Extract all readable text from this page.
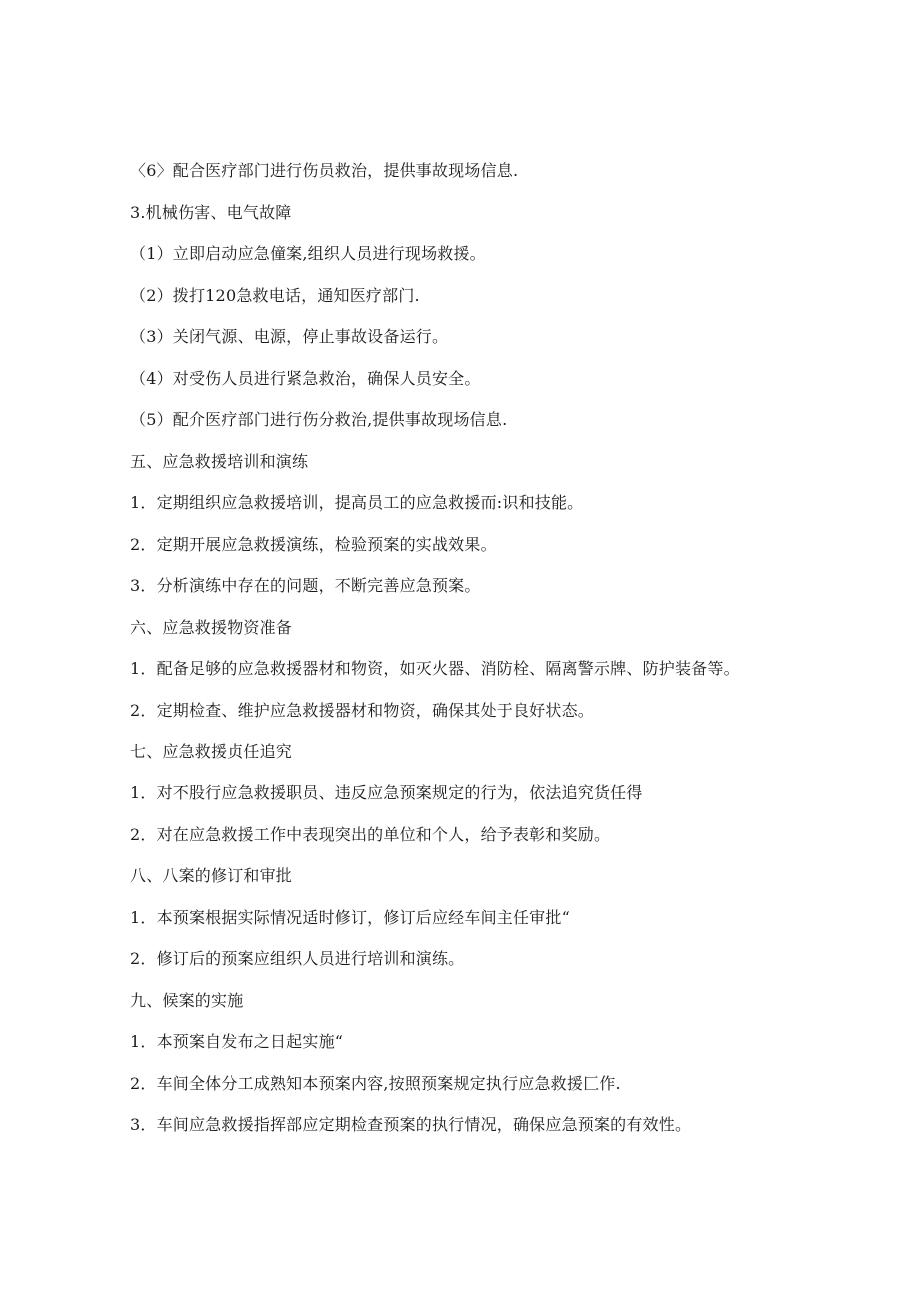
〈6〉配合医疗部门进行伤员救治，提供事故现场信息.
3.机械伤害、电气故障
（1）立即启动应急僮案,组织人员进行现场救援。
（2）拨打120急救电话，通知医疗部门.
（3）关闭气源、电源，停止事故设备运行。
（4）对受伤人员进行紧急救治，确保人员安全。
（5）配介医疗部门进行伤分救治,提供事故现场信息.
五、应急救援培训和演练
1．定期组织应急救援培训，提高员工的应急救援而:识和技能。
2．定期开展应急救援演练，检验预案的实战效果。
3．分析演练中存在的问题，不断完善应急预案。
六、应急救援物资准备
1．配备足够的应急救援器材和物资，如灭火器、消防栓、隔离警示牌、防护装备等。
2．定期检查、维护应急救援器材和物资，确保其处于良好状态。
七、应急救援贞任追究
1．对不股行应急救援职员、违反应急预案规定的行为，依法追究货任得
2．对在应急救援工作中表现突出的单位和个人，给予表彰和奖励。
八、八案的修订和审批
1．本预案根据实际情况适时修订，修订后应经车间主任审批“
2．修订后的预案应组织人员进行培训和演练。
九、候案的实施
1．本预案自发布之日起实施“
2．车间全体分工成熟知本预案内容,按照预案规定执行应急救援匚作.
3．车间应急救援指挥部应定期检查预案的执行情况，确保应急预案的有效性。
